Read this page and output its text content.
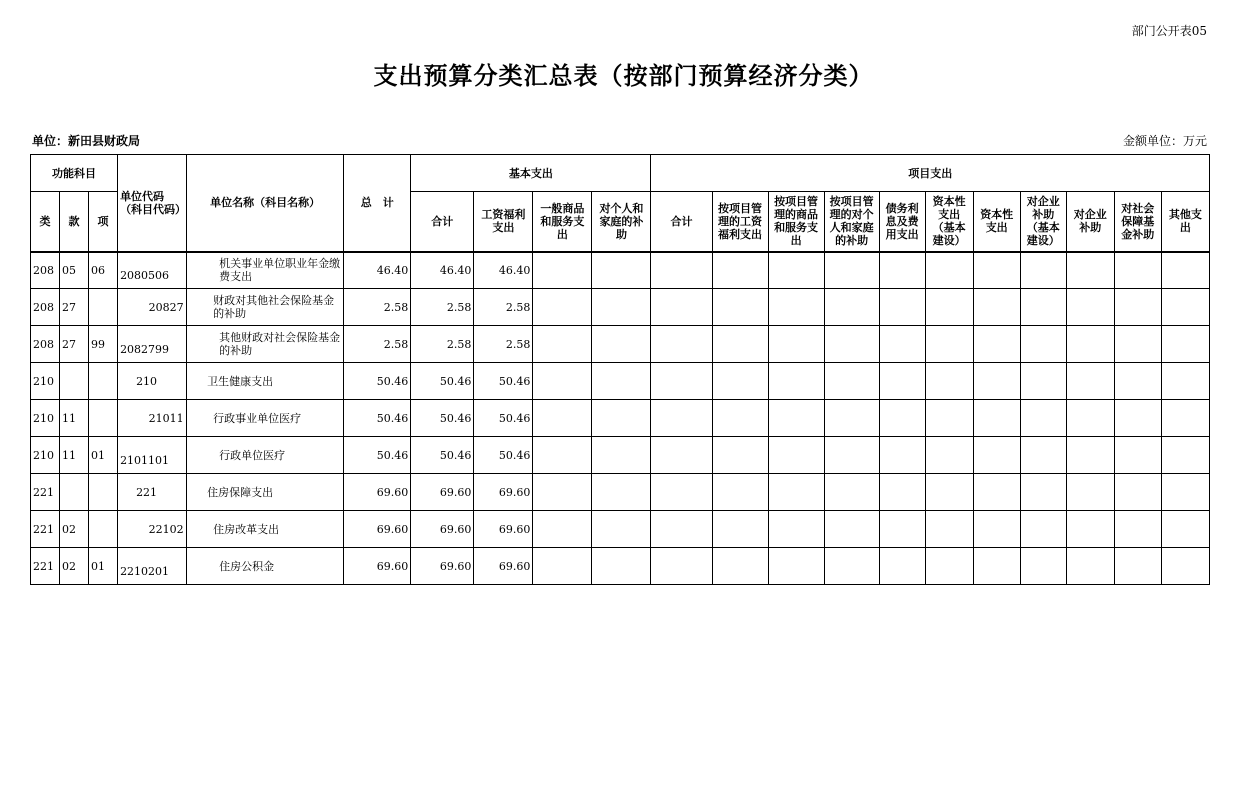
部门公开表05
支出预算分类汇总表（按部门预算经济分类）
单位：新田县财政局	金额单位：万元
功能科目			单位代码（科目代码）	单位名称（科目名称）	总　计	基本支出				项目支出										
类	款	项				合计	工资福利支出	一般商品和服务支出	对个人和家庭的补助	合计	按项目管理的工资福利支出	按项目管理的商品和服务支出	按项目管理的对个人和家庭的补助	债务利息及费用支出	资本性支出（基本建设）	资本性支出	对企业补助（基本建设）	对企业补助	对社会保障基金补助	其他支出
208	05	06	2080506	机关事业单位职业年金缴费支出	46.40	46.40	46.40													
208	27		20827	财政对其他社会保险基金的补助	2.58	2.58	2.58													
208	27	99	2082799	其他财政对社会保险基金的补助	2.58	2.58	2.58													
210			210	卫生健康支出	50.46	50.46	50.46													
210	11		21011	行政事业单位医疗	50.46	50.46	50.46													
210	11	01	2101101	行政单位医疗	50.46	50.46	50.46													
221			221	住房保障支出	69.60	69.60	69.60													
221	02		22102	住房改革支出	69.60	69.60	69.60													
221	02	01	2210201	住房公积金	69.60	69.60	69.60													
